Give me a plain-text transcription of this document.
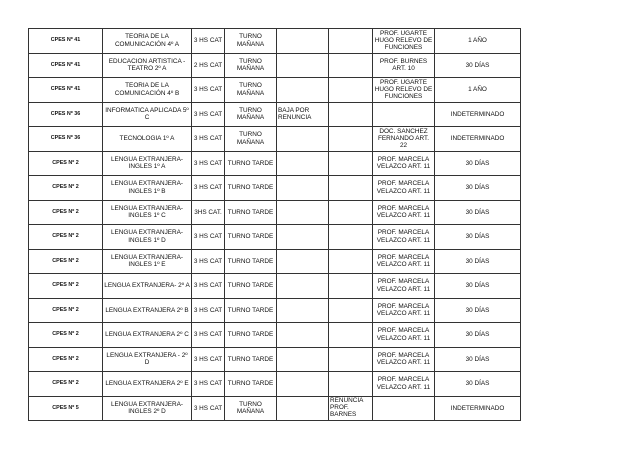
CPES Nº 41	TEORIA DE LA COMUNICACIÓN 4º A	3 HS CAT	TURNO MAÑANA			PROF. UGARTE HUGO RELEVO DE FUNCIONES	1 AÑO
CPES Nº 41	EDUCACION ARTISTICA - TEATRO 2º A	2 HS CAT	TURNO MAÑANA			PROF. BURNES ART. 10	30 DÍAS
CPES Nº 41	TEORIA DE LA COMUNICACIÓN 4º B	3 HS CAT	TURNO MAÑANA			PROF. UGARTE HUGO RELEVO DE FUNCIONES	1 AÑO
CPES Nº 36	INFORMATICA APLICADA 5º C	3 HS CAT	TURNO MAÑANA	BAJA POR RENUNCIA			INDETERMINADO
CPES Nº 36	TECNOLOGIA 1º A	3 HS CAT	TURNO MAÑANA			DOC. SANCHEZ FERNANDO ART. 22	INDETERMINADO
CPES Nº 2	LENGUA EXTRANJERA-INGLES 1º A	3 HS CAT	TURNO TARDE			PROF. MARCELA VELAZCO ART. 11	30 DÍAS
CPES Nº 2	LENGUA EXTRANJERA-INGLES 1º B	3 HS CAT	TURNO TARDE			PROF. MARCELA VELAZCO ART. 11	30 DÍAS
CPES Nº 2	LENGUA EXTRANJERA-INGLES 1º C	3HS CAT.	TURNO TARDE			PROF. MARCELA VELAZCO ART. 11	30 DÍAS
CPES Nº 2	LENGUA EXTRANJERA-INGLES 1º D	3 HS CAT	TURNO TARDE			PROF. MARCELA VELAZCO ART. 11	30 DÍAS
CPES Nº 2	LENGUA EXTRANJERA-INGLES 1º E	3 HS CAT	TURNO TARDE			PROF. MARCELA VELAZCO ART. 11	30 DÍAS
CPES Nº 2	LENGUA EXTRANJERA- 2º A	3 HS CAT	TURNO TARDE			PROF. MARCELA VELAZCO ART. 11	30 DÍAS
CPES Nº 2	LENGUA EXTRANJERA 2º B	3 HS CAT	TURNO TARDE			PROF. MARCELA VELAZCO ART. 11	30 DÍAS
CPES Nº 2	LENGUA EXTRANJERA 2º C	3 HS CAT	TURNO TARDE			PROF. MARCELA VELAZCO ART. 11	30 DÍAS
CPES Nº 2	LENGUA EXTRANJERA - 2º D	3 HS CAT	TURNO TARDE			PROF. MARCELA VELAZCO ART. 11	30 DÍAS
CPES Nº 2	LENGUA EXTRANJERA 2º E	3 HS CAT	TURNO TARDE			PROF. MARCELA VELAZCO ART. 11	30 DÍAS
CPES Nº 5	LENGUA EXTRANJERA-INGLES 2º D	3 HS CAT	TURNO MAÑANA		RENUNCIA PROF. BARNES		INDETERMINADO
